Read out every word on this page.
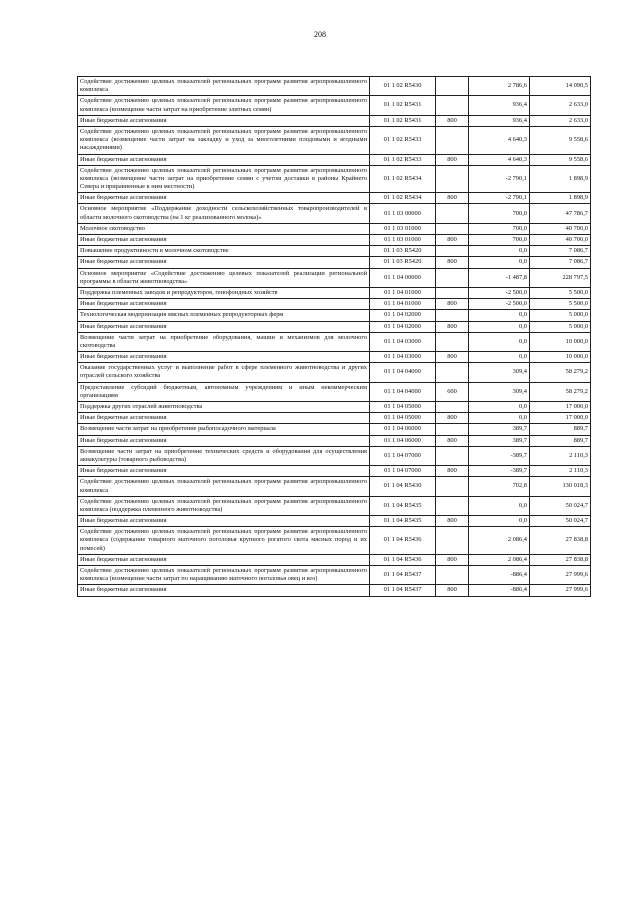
208
Содействие достижению целевых показателей региональных программ развития агропромышленного комплекса	01 1 02 R5430		2 786,6	14 090,5
Содействие достижению целевых показателей региональных программ развития агропромышленного комплекса (возмещение части затрат на приобретение элитных семян)	01 1 02 R5431		936,4	2 633,0
Иные бюджетные ассигнования	01 1 02 R5431	800	936,4	2 633,0
Содействие достижению целевых показателей региональных программ развития агропромышленного комплекса (возмещение части затрат на закладку и уход за многолетними плодовыми и ягодными насаждениями)	01 1 02 R5433		4 640,3	9 558,6
Иные бюджетные ассигнования	01 1 02 R5433	800	4 640,3	9 558,6
Содействие достижению целевых показателей региональных программ развития агропромышленного комплекса (возмещение части затрат на приобретение семян с учетом доставки в районы Крайнего Севера и приравненные к ним местности)	01 1 02 R5434		-2 790,1	1 898,9
Иные бюджетные ассигнования	01 1 02 R5434	800	-2 790,1	1 898,9
Основное мероприятие «Поддержание доходности сельскохозяйственных товаропроизводителей в области молочного скотоводства (на 1 кг реализованного молока)»	01 1 03 00000		700,0	47 786,7
Молочное скотоводство	01 1 03 01000		700,0	40 700,0
Иные бюджетные ассигнования	01 1 03 01000	800	700,0	40 700,0
Повышение продуктивности в молочном скотоводстве	01 1 03 R5420		0,0	7 086,7
Иные бюджетные ассигнования	01 1 03 R5420	800	0,0	7 086,7
Основное мероприятие «Содействие достижению целевых показателей реализации региональной программы в области животноводства»	01 1 04 00000		-1 487,8	228 797,5
Поддержка племенных заводов и репродукторов, генофондных хозяйств	01 1 04 01000		-2 500,0	5 500,0
Иные бюджетные ассигнования	01 1 04 01000	800	-2 500,0	5 500,0
Технологическая модернизация мясных племенных репродукторных ферм	01 1 04 02000		0,0	5 000,0
Иные бюджетные ассигнования	01 1 04 02000	800	0,0	5 000,0
Возмещение части затрат на приобретение оборудования, машин и механизмов для молочного скотоводства	01 1 04 03000		0,0	10 000,0
Иные бюджетные ассигнования	01 1 04 03000	800	0,0	10 000,0
Оказание государственных услуг и выполнение работ в сфере племенного животноводства и других отраслей сельского хозяйства	01 1 04 04000		309,4	58 279,2
Предоставление субсидий бюджетным, автономным учреждениям и иным некоммерческим организациям	01 1 04 04000	600	309,4	58 279,2
Поддержка других отраслей животноводства	01 1 04 05000		0,0	17 000,0
Иные бюджетные ассигнования	01 1 04 05000	800	0,0	17 000,0
Возмещение части затрат на приобретение рыбопосадочного материала	01 1 04 06000		389,7	889,7
Иные бюджетные ассигнования	01 1 04 06000	800	389,7	889,7
Возмещение части затрат на приобретение технических средств и оборудования для осуществления аквакультуры (товарного рыбоводства)	01 1 04 07000		-389,7	2 110,3
Иные бюджетные ассигнования	01 1 04 07000	800	-389,7	2 110,3
Содействие достижению целевых показателей региональных программ развития агропромышленного комплекса	01 1 04 R5430		702,8	130 018,3
Содействие достижению целевых показателей региональных программ развития агропромышленного комплекса (поддержка племенного животноводства)	01 1 04 R5435		0,0	50 024,7
Иные бюджетные ассигнования	01 1 04 R5435	800	0,0	50 024,7
Содействие достижению целевых показателей региональных программ развития агропромышленного комплекса (содержание товарного маточного поголовья крупного рогатого скота мясных пород и их помесей)	01 1 04 R5436		2 086,4	27 838,8
Иные бюджетные ассигнования	01 1 04 R5436	800	2 086,4	27 838,8
Содействие достижению целевых показателей региональных программ развития агропромышленного комплекса (возмещение части затрат по наращиванию маточного поголовья овец и коз)	01 1 04 R5437		-886,4	27 999,6
Иные бюджетные ассигнования	01 1 04 R5437	800	-886,4	27 999,6
